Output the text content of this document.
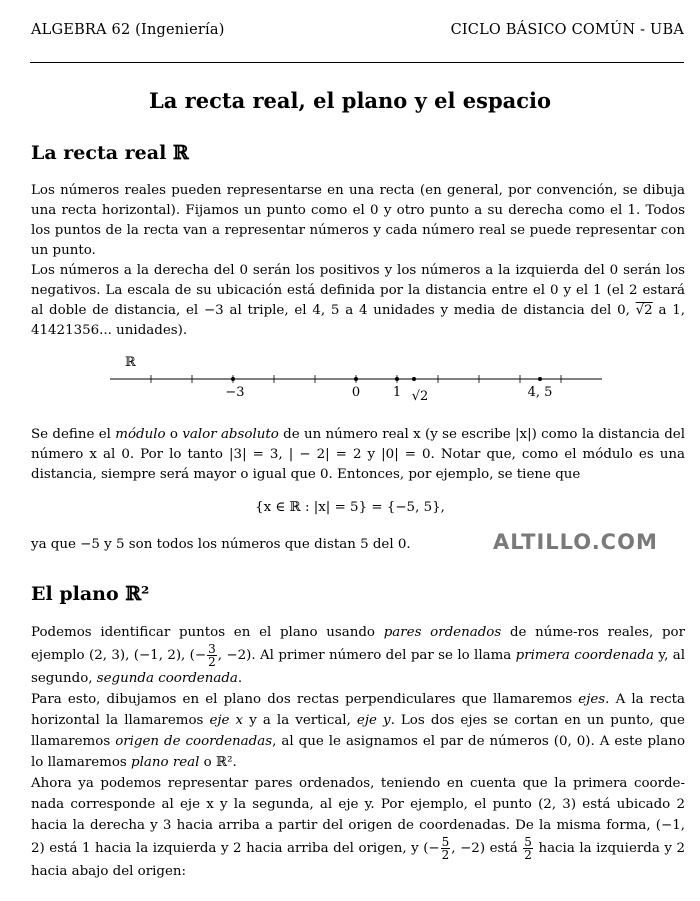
ALGEBRA 62 (Ingeniería)	CICLO BÁSICO COMÚN - UBA
La recta real, el plano y el espacio
La recta real ℝ

Los números reales pueden representarse en una recta (en general, por convención, se dibuja una recta horizontal). Fijamos un punto como el 0 y otro punto a su derecha como el 1. Todos los puntos de la recta van a representar números y cada número real se puede representar con un punto.

Los números a la derecha del 0 serán los positivos y los números a la izquierda del 0 serán los negativos. La escala de su ubicación está definida por la distancia entre el 0 y el 1 (el 2 estará al doble de distancia, el −3 al triple, el 4, 5 a 4 unidades y media de distancia del 0, √2 a 1, 41421356... unidades).

ℝ
−3	0	1 √2	4, 5

Se define el módulo o valor absoluto de un número real x (y se escribe |x|) como la distancia del número x al 0. Por lo tanto |3| = 3, | − 2| = 2 y |0| = 0. Notar que, como el módulo es una distancia, siempre será mayor o igual que 0. Entonces, por ejemplo, se tiene que

{x ∈ ℝ : |x| = 5} = {−5, 5},
ya que −5 y 5 son todos los números que distan 5 del 0.	ALTILLO.COM
El plano ℝ²

Podemos identificar puntos en el plano usando pares ordenados de núme-ros reales, por ejemplo (2, 3), (−1, 2), (− $\frac{3}{2}$ , −2). Al primer número del par se lo llama primera coordenada y, al segundo, segunda coordenada.

Para esto, dibujamos en el plano dos rectas perpendiculares que llamaremos ejes. A la recta horizontal la llamaremos eje x y a la vertical, eje y. Los dos ejes se cortan en un punto, que llamaremos origen de coordenadas, al que le asignamos el par de números (0, 0). A este plano lo llamaremos plano real o ℝ².

Ahora ya podemos representar pares ordenados, teniendo en cuenta que la primera coorde-nada corresponde al eje x y la segunda, al eje y. Por ejemplo, el punto (2, 3) está ubicado 2 hacia la derecha y 3 hacia arriba a partir del origen de coordenadas. De la misma forma, (−1, 2) está 1 hacia la izquierda y 2 hacia arriba del origen, y (− $\frac{5}{2}$ , −2) está $\frac{5}{2}$ hacia la izquierda y 2 hacia abajo del origen:
